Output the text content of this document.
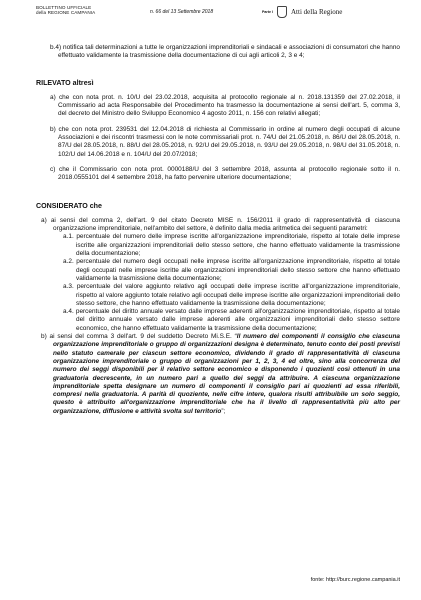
BOLLETTINO UFFICIALE
della REGIONE CAMPANIA	n. 66 del 13 Settembre 2018	Parte I	Atti della Regione

b.4) notifica tali determinazioni a tutte le organizzazioni imprenditoriali e sindacali e associazioni di consumatori che hanno effettuato validamente la trasmissione della documentazione di cui agli articoli 2, 3 e 4;

RILEVATO altresì

a) che con nota prot. n. 10/U del 23.02.2018, acquisita al protocollo regionale al n. 2018.131359 del 27.02.2018, il Commissario ad acta Responsabile del Procedimento ha trasmesso la documentazione ai sensi dell'art. 5, comma 3, del decreto del Ministro dello Sviluppo Economico 4 agosto 2011, n. 156 con relativi allegati;

b) che con nota prot. 239531 del 12.04.2018 di richiesta al Commissario in ordine al numero degli occupati di alcune Associazioni e dei riscontri trasmessi con le note commissariali prot. n. 74/U del 21.05.2018, n. 86/U del 28.05.2018, n. 87/U del 28.05.2018, n. 88/U del 28.05.2018, n. 92/U del 29.05.2018, n. 93/U del 29.05.2018, n. 98/U del 31.05.2018, n. 102/U del 14.06.2018 e n. 104/U del 20.07/2018;

c) che il Commissario con nota prot. 0000188/U del 3 settembre 2018, assunta al protocollo regionale sotto il n. 2018.0555101 del 4 settembre 2018, ha fatto pervenire ulteriore documentazione;

CONSIDERATO che

a) ai sensi del comma 2, dell'art. 9 del citato Decreto MISE n. 156/2011 il grado di rappresentatività di ciascuna organizzazione imprenditoriale, nell'ambito del settore, è definito dalla media aritmetica dei seguenti parametri:

a.1. percentuale del numero delle imprese iscritte all'organizzazione imprenditoriale, rispetto al totale delle imprese iscritte alle organizzazioni imprenditoriali dello stesso settore, che hanno effettuato validamente la trasmissione della documentazione;

a.2. percentuale del numero degli occupati nelle imprese iscritte all'organizzazione imprenditoriale, rispetto al totale degli occupati nelle imprese iscritte alle organizzazioni imprenditoriali dello stesso settore che hanno effettuato validamente la trasmissione della documentazione;

a.3. percentuale del valore aggiunto relativo agli occupati delle imprese iscritte all'organizzazione imprenditoriale, rispetto al valore aggiunto totale relativo agli occupati delle imprese iscritte alle organizzazioni imprenditoriali dello stesso settore, che hanno effettuato validamente la trasmissione della documentazione;

a.4. percentuale del diritto annuale versato dalle imprese aderenti all'organizzazione imprenditoriale, rispetto al totale del diritto annuale versato dalle imprese aderenti alle organizzazioni imprenditoriali dello stesso settore economico, che hanno effettuato validamente la trasmissione della documentazione;

b) ai sensi del comma 3 dell'art. 9 del suddetto Decreto Mi.S.E. “Il numero dei componenti il consiglio che ciascuna organizzazione imprenditoriale o gruppo di organizzazioni designa è determinato, tenuto conto dei posti previsti nello statuto camerale per ciascun settore economico, dividendo il grado di rappresentatività di ciascuna organizzazione imprenditoriale o gruppo di organizzazioni per 1, 2, 3, 4 ed oltre, sino alla concorrenza del numero dei seggi disponibili per il relativo settore economico e disponendo i quozienti così ottenuti in una graduatoria decrescente, in un numero pari a quello dei seggi da attribuire. A ciascuna organizzazione imprenditoriale spetta designare un numero di componenti il consiglio pari ai quozienti ad essa riferibili, compresi nella graduatoria. A parità di quoziente, nelle cifre intere, qualora risulti attribuibile un solo seggio, questo è attribuito all'organizzazione imprenditoriale che ha il livello di rappresentatività più alto per organizzazione, diffusione e attività svolta sul territorio”;

fonte: http://burc.regione.campania.it
